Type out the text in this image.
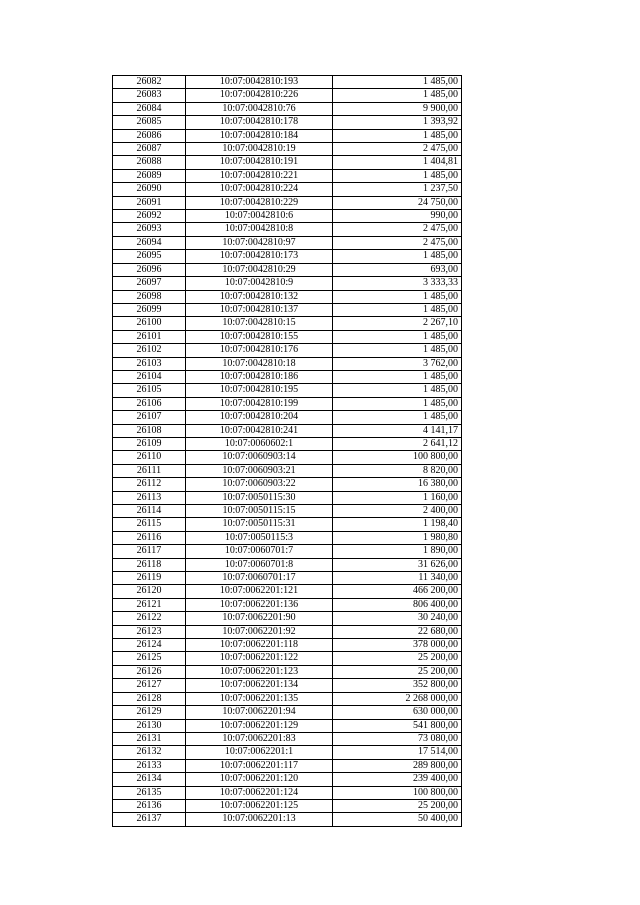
26082	10:07:0042810:193	1 485,00
26083	10:07:0042810:226	1 485,00
26084	10:07:0042810:76	9 900,00
26085	10:07:0042810:178	1 393,92
26086	10:07:0042810:184	1 485,00
26087	10:07:0042810:19	2 475,00
26088	10:07:0042810:191	1 404,81
26089	10:07:0042810:221	1 485,00
26090	10:07:0042810:224	1 237,50
26091	10:07:0042810:229	24 750,00
26092	10:07:0042810:6	990,00
26093	10:07:0042810:8	2 475,00
26094	10:07:0042810:97	2 475,00
26095	10:07:0042810:173	1 485,00
26096	10:07:0042810:29	693,00
26097	10:07:0042810:9	3 333,33
26098	10:07:0042810:132	1 485,00
26099	10:07:0042810:137	1 485,00
26100	10:07:0042810:15	2 267,10
26101	10:07:0042810:155	1 485,00
26102	10:07:0042810:176	1 485,00
26103	10:07:0042810:18	3 762,00
26104	10:07:0042810:186	1 485,00
26105	10:07:0042810:195	1 485,00
26106	10:07:0042810:199	1 485,00
26107	10:07:0042810:204	1 485,00
26108	10:07:0042810:241	4 141,17
26109	10:07:0060602:1	2 641,12
26110	10:07:0060903:14	100 800,00
26111	10:07:0060903:21	8 820,00
26112	10:07:0060903:22	16 380,00
26113	10:07:0050115:30	1 160,00
26114	10:07:0050115:15	2 400,00
26115	10:07:0050115:31	1 198,40
26116	10:07:0050115:3	1 980,80
26117	10:07:0060701:7	1 890,00
26118	10:07:0060701:8	31 626,00
26119	10:07:0060701:17	11 340,00
26120	10:07:0062201:121	466 200,00
26121	10:07:0062201:136	806 400,00
26122	10:07:0062201:90	30 240,00
26123	10:07:0062201:92	22 680,00
26124	10:07:0062201:118	378 000,00
26125	10:07:0062201:122	25 200,00
26126	10:07:0062201:123	25 200,00
26127	10:07:0062201:134	352 800,00
26128	10:07:0062201:135	2 268 000,00
26129	10:07:0062201:94	630 000,00
26130	10:07:0062201:129	541 800,00
26131	10:07:0062201:83	73 080,00
26132	10:07:0062201:1	17 514,00
26133	10:07:0062201:117	289 800,00
26134	10:07:0062201:120	239 400,00
26135	10:07:0062201:124	100 800,00
26136	10:07:0062201:125	25 200,00
26137	10:07:0062201:13	50 400,00
